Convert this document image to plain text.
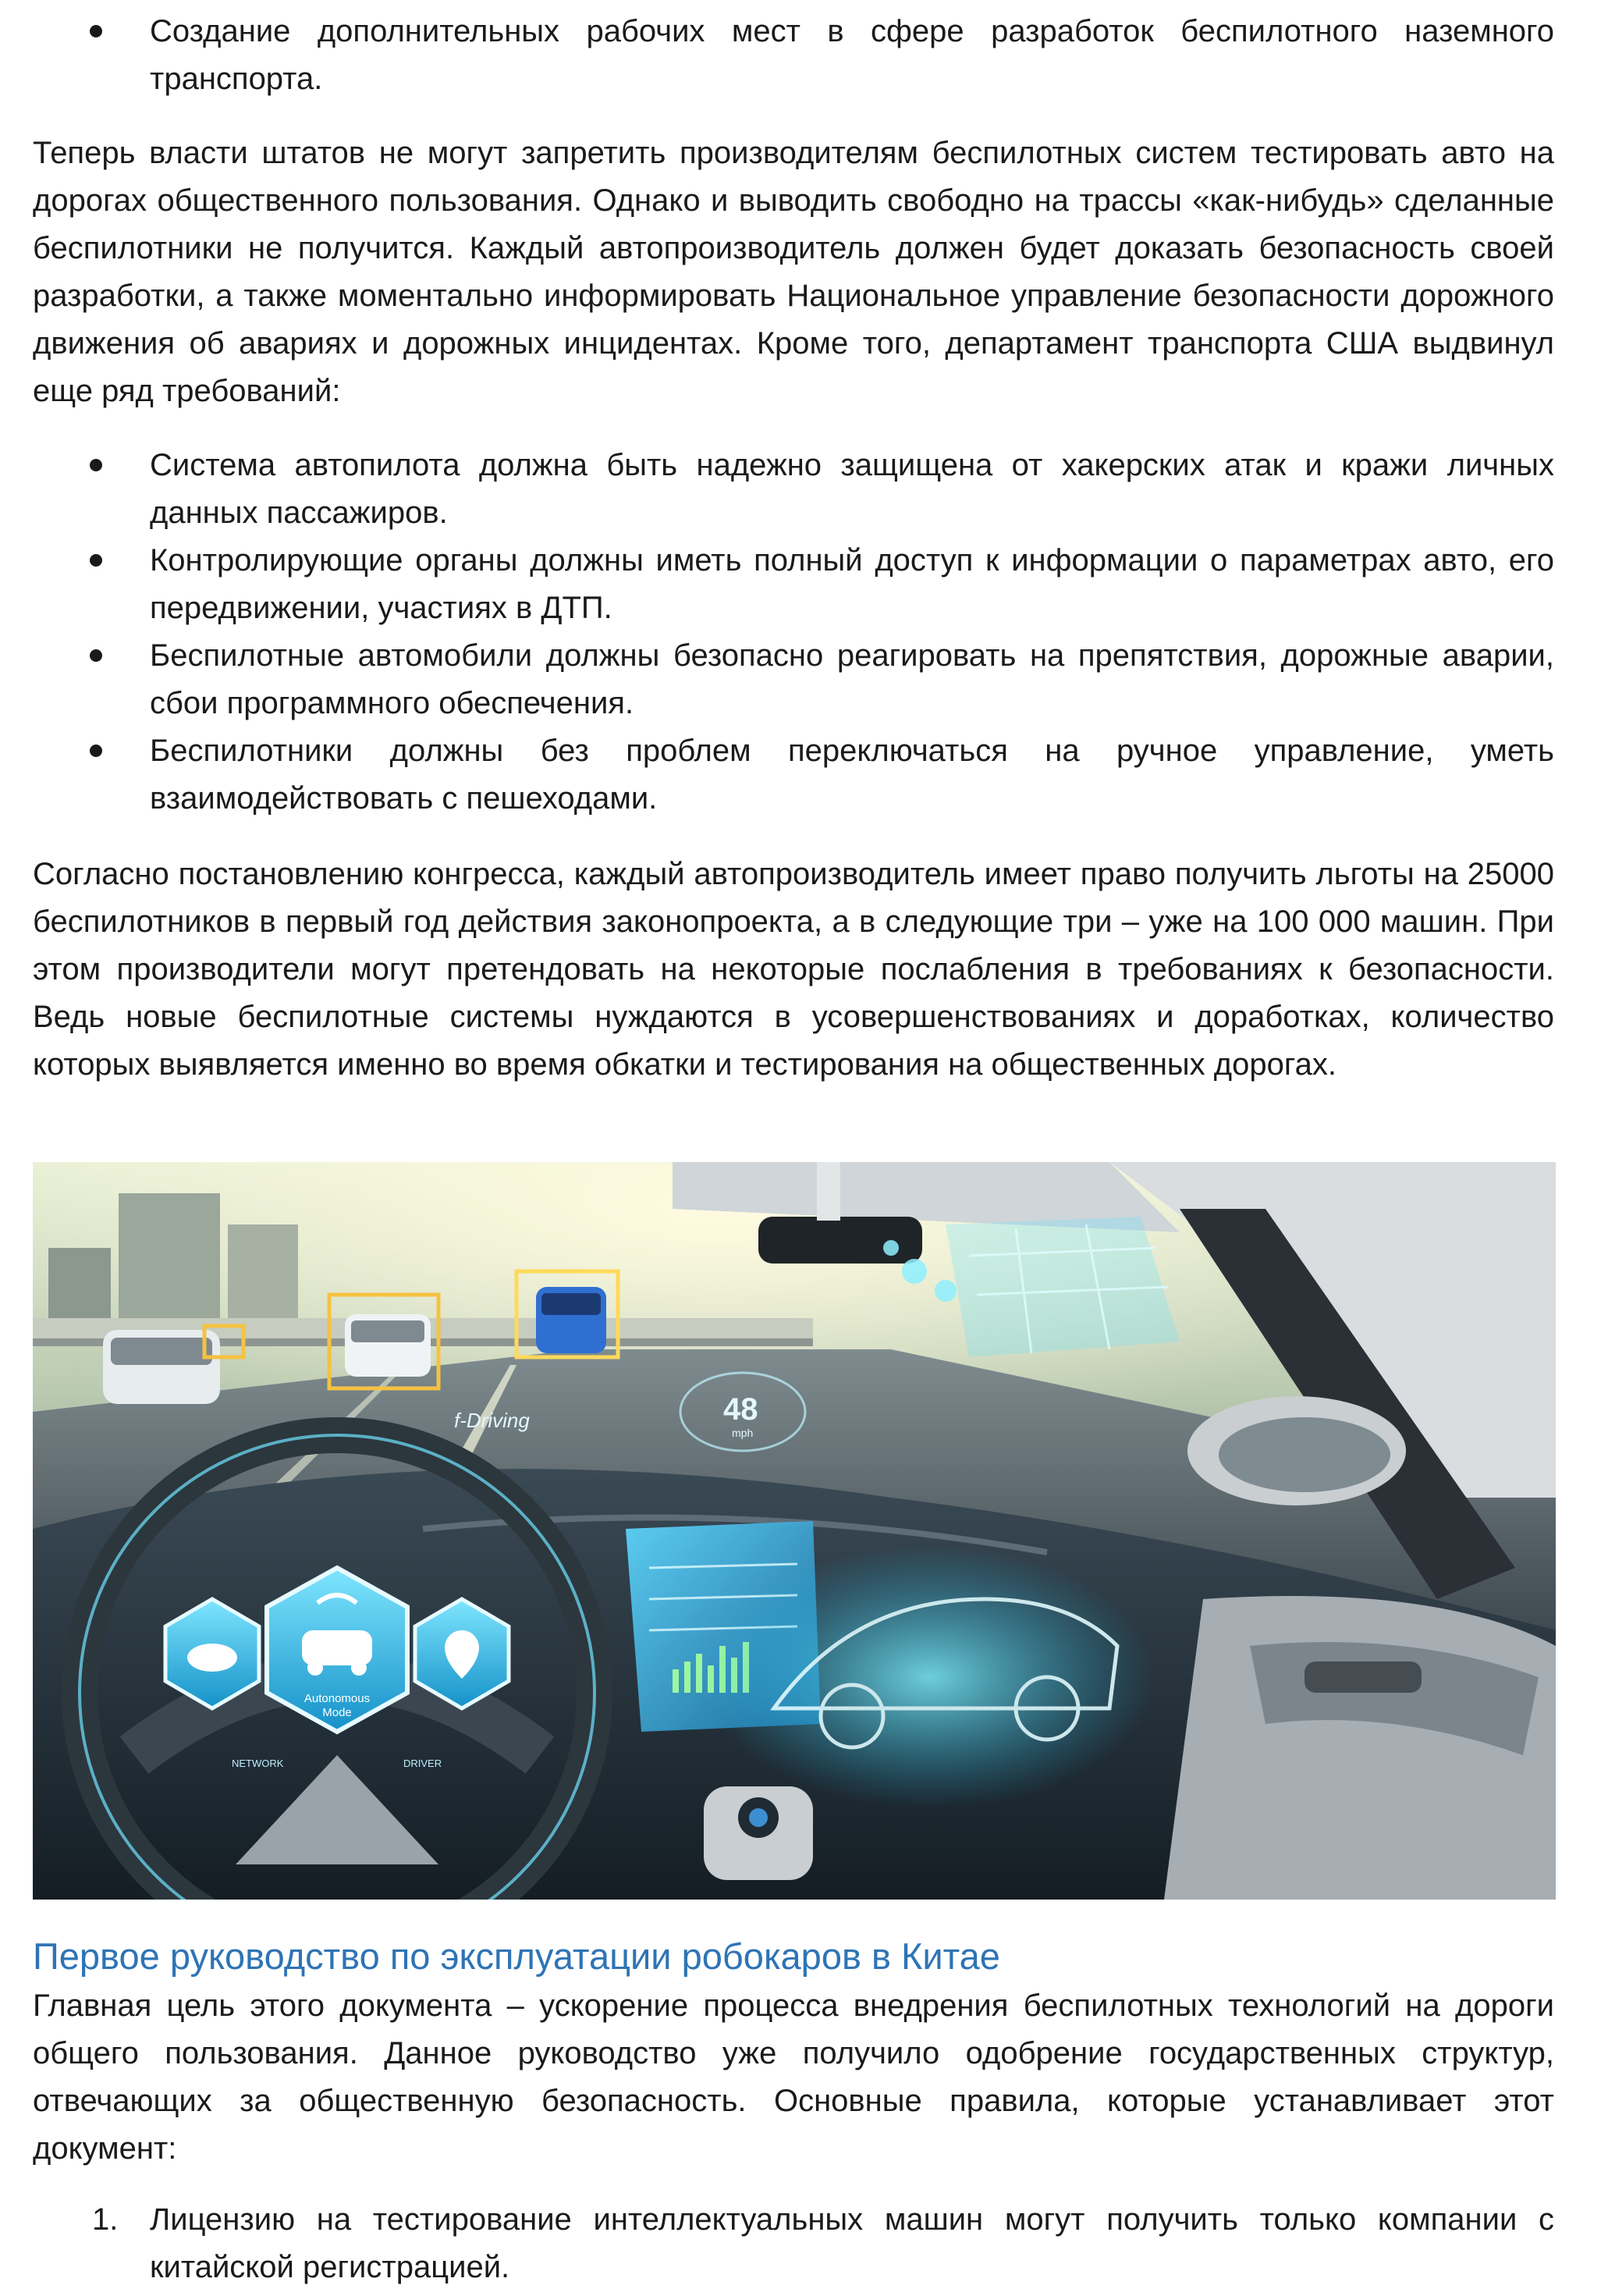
Создание дополнительных рабочих мест в сфере разработок беспилотного наземного транспорта.

Теперь власти штатов не могут запретить производителям беспилотных систем тестировать авто на дорогах общественного пользования. Однако и выводить свободно на трассы «как-нибудь» сделанные беспилотники не получится. Каждый автопроизводитель должен будет доказать безопасность своей разработки, а также моментально информировать Национальное управление безопасности дорожного движения об авариях и дорожных инцидентах. Кроме того, департамент транспорта США выдвинул еще ряд требований:

Система автопилота должна быть надежно защищена от хакерских атак и кражи личных данных пассажиров.
Контролирующие органы должны иметь полный доступ к информации о параметрах авто, его передвижении, участиях в ДТП.
Беспилотные автомобили должны безопасно реагировать на препятствия, дорожные аварии, сбои программного обеспечения.
Беспилотники должны без проблем переключаться на ручное управление, уметь взаимодействовать с пешеходами.

Согласно постановлению конгресса, каждый автопроизводитель имеет право получить льготы на 25000 беспилотников в первый год действия законопроекта, а в следующие три – уже на 100 000 машин. При этом производители могут претендовать на некоторые послабления в требованиях к безопасности. Ведь новые беспилотные системы нуждаются в усовершенствованиях и доработках, количество которых выявляется именно во время обкатки и тестирования на общественных дорогах.

Первое руководство по эксплуатации робокаров в Китае

Главная цель этого документа – ускорение процесса внедрения беспилотных технологий на дороги общего пользования. Данное руководство уже получило одобрение государственных структур, отвечающих за общественную безопасность. Основные правила, которые устанавливает этот документ:

1. Лицензию на тестирование интеллектуальных машин могут получить только компании с китайской регистрацией.
f-Driving	48
mph
Autonomous
Mode
NETWORK	DRIVER
